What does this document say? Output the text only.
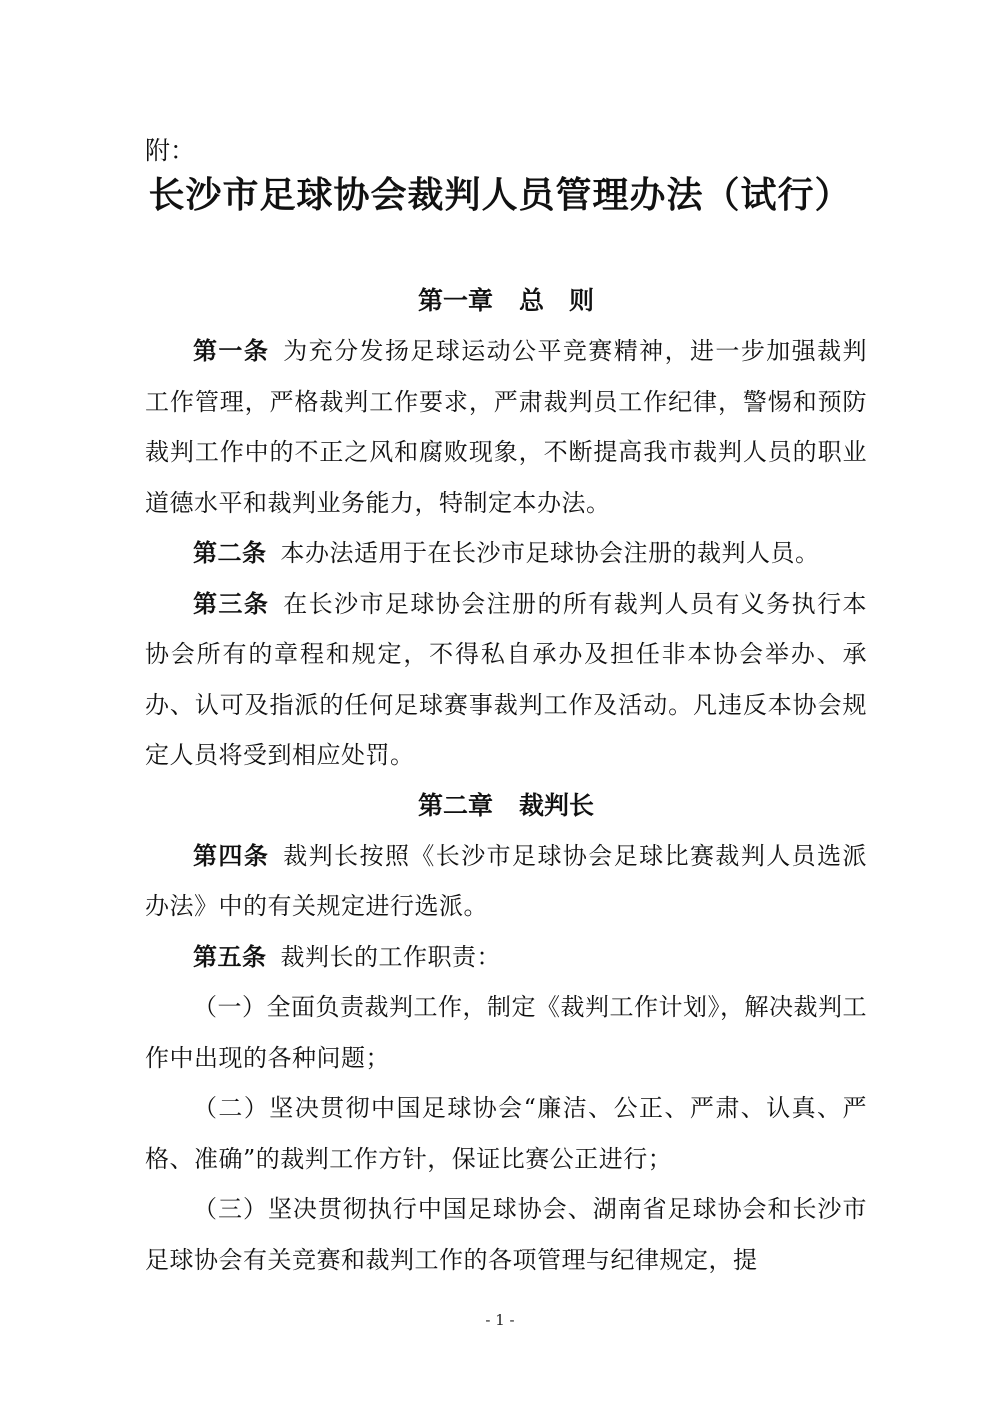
附：
长沙市足球协会裁判人员管理办法（试行）

第一章 总　则

第一条 为充分发扬足球运动公平竞赛精神，进一步加强裁判工作管理，严格裁判工作要求，严肃裁判员工作纪律，警惕和预防裁判工作中的不正之风和腐败现象，不断提高我市裁判人员的职业道德水平和裁判业务能力，特制定本办法。

第二条 本办法适用于在长沙市足球协会注册的裁判人员。

第三条 在长沙市足球协会注册的所有裁判人员有义务执行本协会所有的章程和规定，不得私自承办及担任非本协会举办、承办、认可及指派的任何足球赛事裁判工作及活动。凡违反本协会规定人员将受到相应处罚。

第二章 裁判长

第四条 裁判长按照《长沙市足球协会足球比赛裁判人员选派办法》中的有关规定进行选派。

第五条 裁判长的工作职责：

（一）全面负责裁判工作，制定《裁判工作计划》，解决裁判工作中出现的各种问题；

（二）坚决贯彻中国足球协会“廉洁、公正、严肃、认真、严格、准确”的裁判工作方针，保证比赛公正进行；

（三）坚决贯彻执行中国足球协会、湖南省足球协会和长沙市足球协会有关竞赛和裁判工作的各项管理与纪律规定，提

- 1 -
